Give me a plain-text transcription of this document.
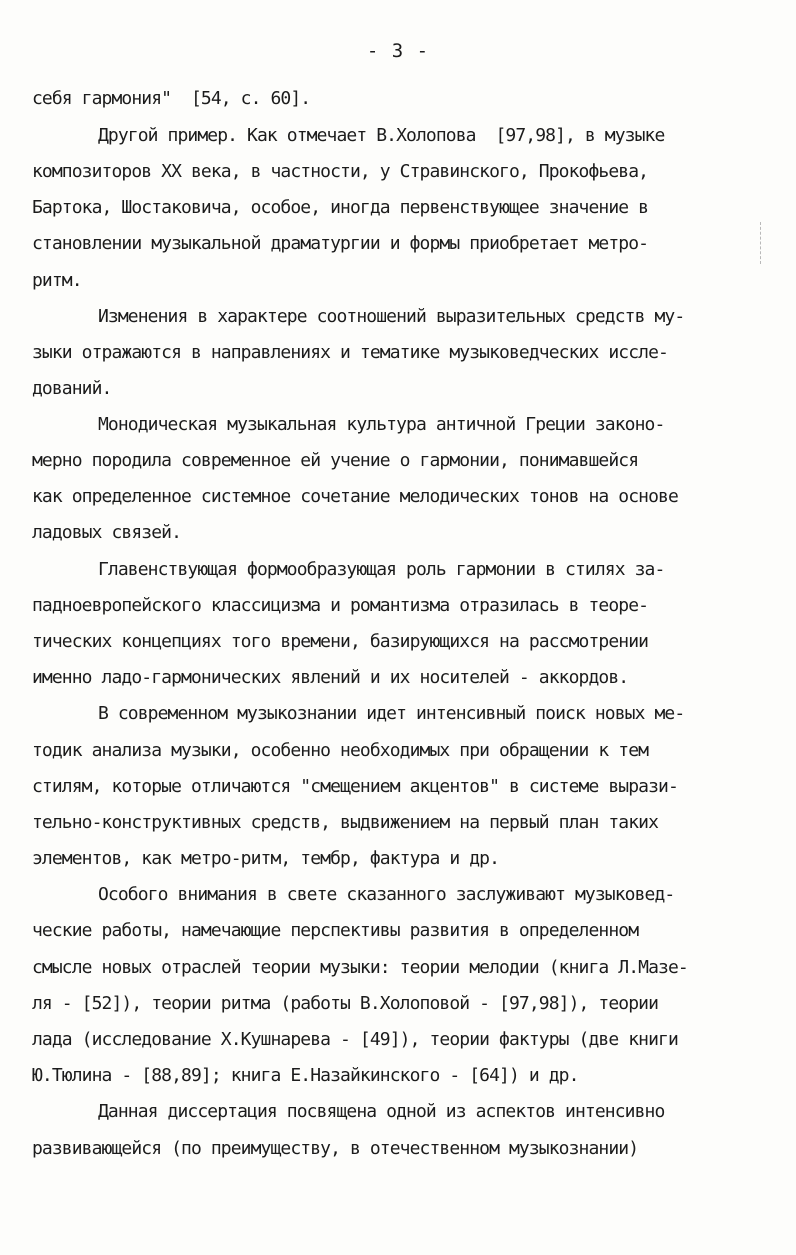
- 3 -
себя гармония"  [54, с. 60].
Другой пример. Как отмечает В.Холопова  [97,98], в музыке
композиторов XX века, в частности, у Стравинского, Прокофьева,
Бартока, Шостаковича, особое, иногда первенствующее значение в
становлении музыкальной драматургии и формы приобретает метро-
ритм.
Изменения в характере соотношений выразительных средств му-
зыки отражаются в направлениях и тематике музыковедческих иссле-
дований.
Монодическая музыкальная культура античной Греции законо-
мерно породила современное ей учение о гармонии, понимавшейся
как определенное системное сочетание мелодических тонов на основе
ладовых связей.
Главенствующая формообразующая роль гармонии в стилях за-
падноевропейского классицизма и романтизма отразилась в теоре-
тических концепциях того времени, базирующихся на рассмотрении
именно ладо-гармонических явлений и их носителей - аккордов.
В современном музыкознании идет интенсивный поиск новых ме-
тодик анализа музыки, особенно необходимых при обращении к тем
стилям, которые отличаются "смещением акцентов" в системе вырази-
тельно-конструктивных средств, выдвижением на первый план таких
элементов, как метро-ритм, тембр, фактура и др.
Особого внимания в свете сказанного заслуживают музыковед-
ческие работы, намечающие перспективы развития в определенном
смысле новых отраслей теории музыки: теории мелодии (книга Л.Мазе-
ля - [52]), теории ритма (работы В.Холоповой - [97,98]), теории
лада (исследование Х.Кушнарева - [49]), теории фактуры (две книги
Ю.Тюлина - [88,89]; книга Е.Назайкинского - [64]) и др.
Данная диссертация посвящена одной из аспектов интенсивно
развивающейся (по преимуществу, в отечественном музыкознании)
